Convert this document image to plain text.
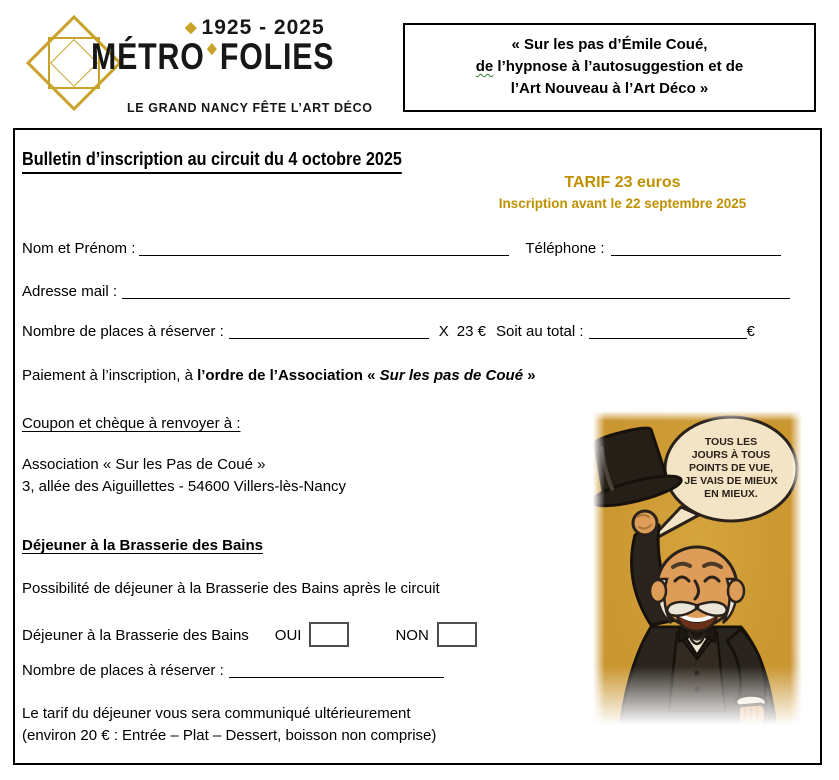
◆ 1925 - 2025
MÉTRO ◆FOLIES
LE GRAND NANCY FÊTE L’ART DÉCO
« Sur les pas d’Émile Coué,
de l’hypnose à l’autosuggestion et de
l’Art Nouveau à l’Art Déco »
Bulletin d’inscription au circuit du 4 octobre 2025
TARIF 23 euros
Inscription avant le 22 septembre 2025
Nom et Prénom :	Téléphone :
Adresse mail :
Nombre de places à réserver :	X 23 € Soit au total :	€
Paiement à l’inscription, à l’ordre de l’Association « Sur les pas de Coué »
Coupon et chèque à renvoyer à :
Association « Sur les Pas de Coué »
3, allée des Aiguillettes - 54600 Villers-lès-Nancy
Déjeuner à la Brasserie des Bains
Possibilité de déjeuner à la Brasserie des Bains après le circuit
Déjeuner à la Brasserie des Bains OUI	NON
Nombre de places à réserver :
Le tarif du déjeuner vous sera communiqué ultérieurement
(environ 20 € : Entrée – Plat – Dessert, boisson non comprise)
TOUS LES
JOURS À TOUS
POINTS DE VUE,
JE VAIS DE MIEUX
EN MIEUX.
